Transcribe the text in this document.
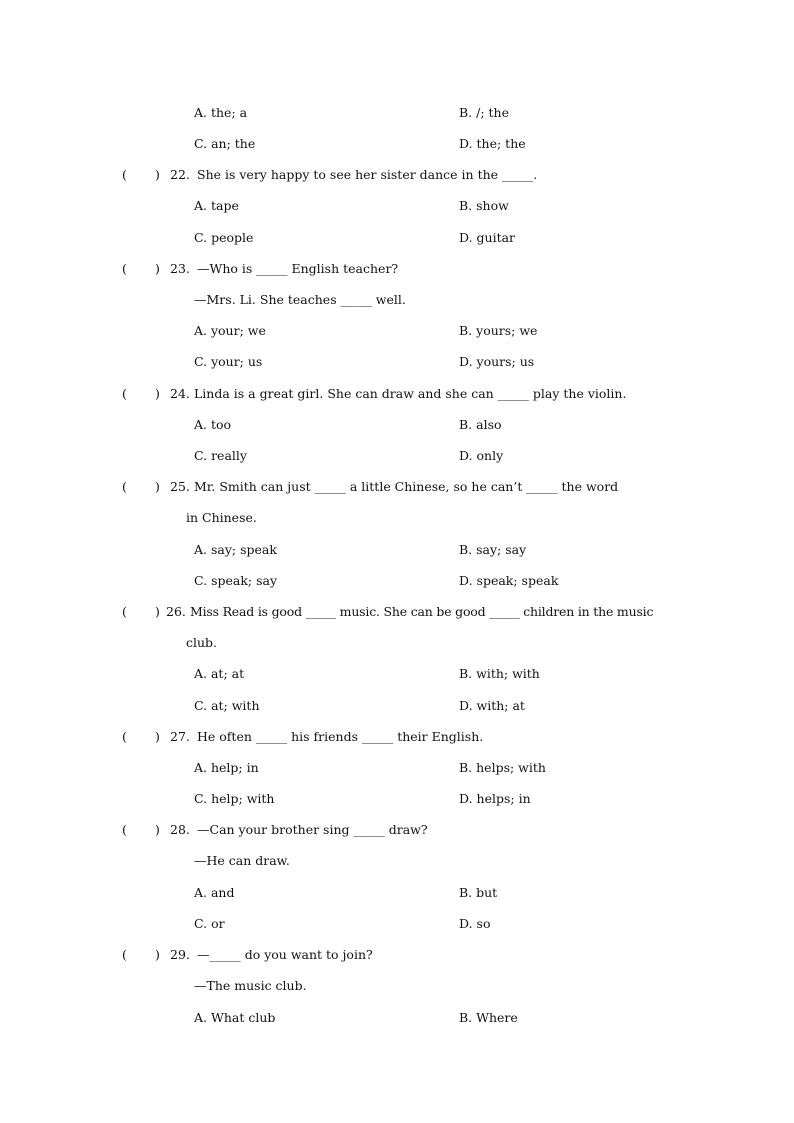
A. the; a	B. /; the
C. an; the	D. the; the
( ) 22. She is very happy to see her sister dance in the _____.
A. tape	B. show
C. people	D. guitar
( ) 23. —Who is _____ English teacher?
—Mrs. Li. She teaches _____ well.
A. your; we	B. yours; we
C. your; us	D. yours; us
( ) 24. Linda is a great girl. She can draw and she can _____ play the violin.
A. too	B. also
C. really	D. only
( ) 25. Mr. Smith can just _____ a little Chinese, so he can’t _____ the word
in Chinese.
A. say; speak	B. say; say
C. speak; say	D. speak; speak
( ) 26. Miss Read is good _____ music. She can be good _____ children in the music
club.
A. at; at	B. with; with
C. at; with	D. with; at
( ) 27. He often _____ his friends _____ their English.
A. help; in	B. helps; with
C. help; with	D. helps; in
( ) 28. —Can your brother sing _____ draw?
—He can draw.
A. and	B. but
C. or	D. so
( ) 29. —_____ do you want to join?
—The music club.
A. What club	B. Where
